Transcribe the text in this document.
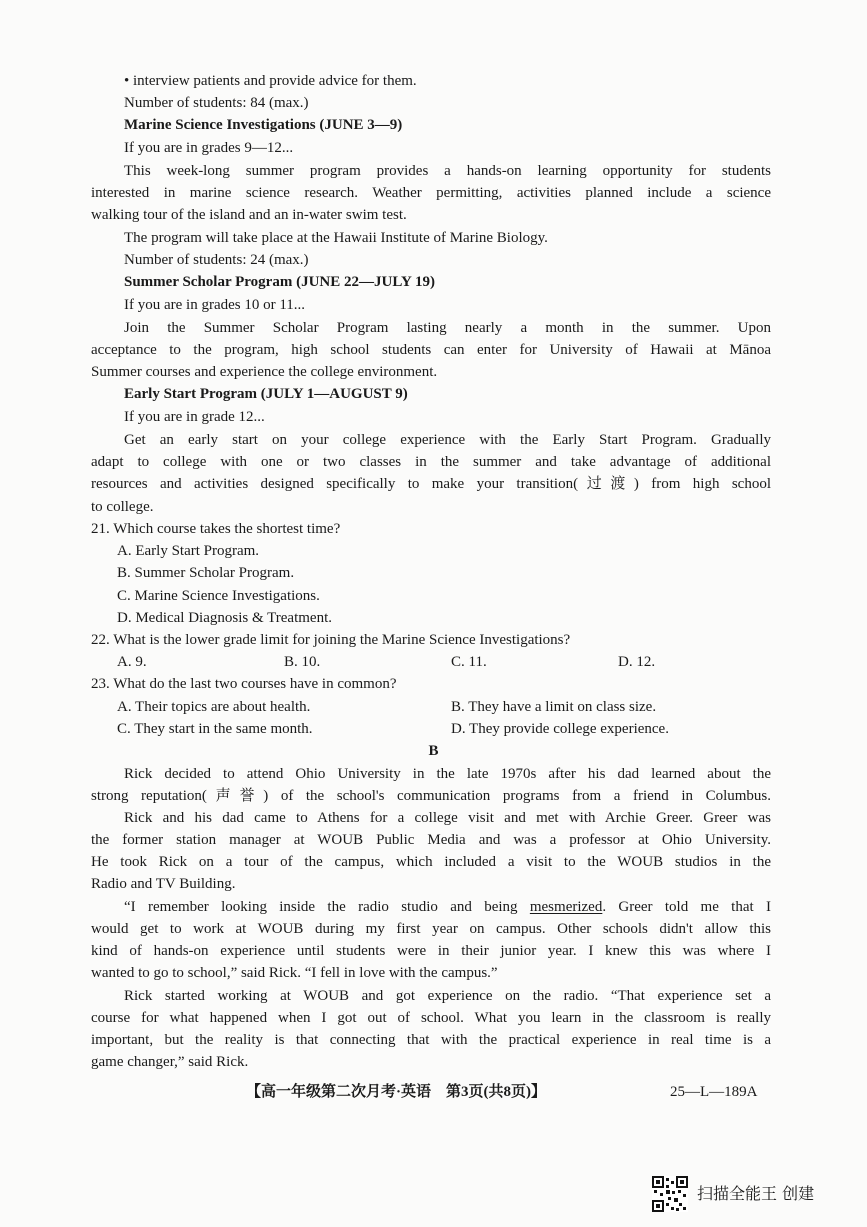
• interview patients and provide advice for them.
Number of students: 84 (max.)
Marine Science Investigations (JUNE 3—9)
If you are in grades 9—12...
This week-long summer program provides a hands-on learning opportunity for students
interested in marine science research. Weather permitting, activities planned include a science
walking tour of the island and an in-water swim test.
The program will take place at the Hawaii Institute of Marine Biology.
Number of students: 24 (max.)
Summer Scholar Program (JUNE 22—JULY 19)
If you are in grades 10 or 11...
Join the Summer Scholar Program lasting nearly a month in the summer. Upon
acceptance to the program, high school students can enter for University of Hawaii at Mānoa
Summer courses and experience the college environment.
Early Start Program (JULY 1—AUGUST 9)
If you are in grade 12...
Get an early start on your college experience with the Early Start Program. Gradually
adapt to college with one or two classes in the summer and take advantage of additional
resources and activities designed specifically to make your transition(过渡) from high school
to college.
21. Which course takes the shortest time?
A. Early Start Program.
B. Summer Scholar Program.
C. Marine Science Investigations.
D. Medical Diagnosis & Treatment.
22. What is the lower grade limit for joining the Marine Science Investigations?
A. 9.	B. 10.	C. 11.	D. 12.
23. What do the last two courses have in common?
A. Their topics are about health.	B. They have a limit on class size.
C. They start in the same month.	D. They provide college experience.
B
Rick decided to attend Ohio University in the late 1970s after his dad learned about the
strong reputation(声誉) of the school's communication programs from a friend in Columbus.
Rick and his dad came to Athens for a college visit and met with Archie Greer. Greer was
the former station manager at WOUB Public Media and was a professor at Ohio University.
He took Rick on a tour of the campus, which included a visit to the WOUB studios in the
Radio and TV Building.
“I remember looking inside the radio studio and being mesmerized. Greer told me that I
would get to work at WOUB during my first year on campus. Other schools didn't allow this
kind of hands-on experience until students were in their junior year. I knew this was where I
wanted to go to school,” said Rick. “I fell in love with the campus.”
Rick started working at WOUB and got experience on the radio. “That experience set a
course for what happened when I got out of school. What you learn in the classroom is really
important, but the reality is that connecting that with the practical experience in real time is a
game changer,” said Rick.
【高一年级第二次月考·英语　第3页(共8页)】	25—L—189A
扫描全能王 创建
